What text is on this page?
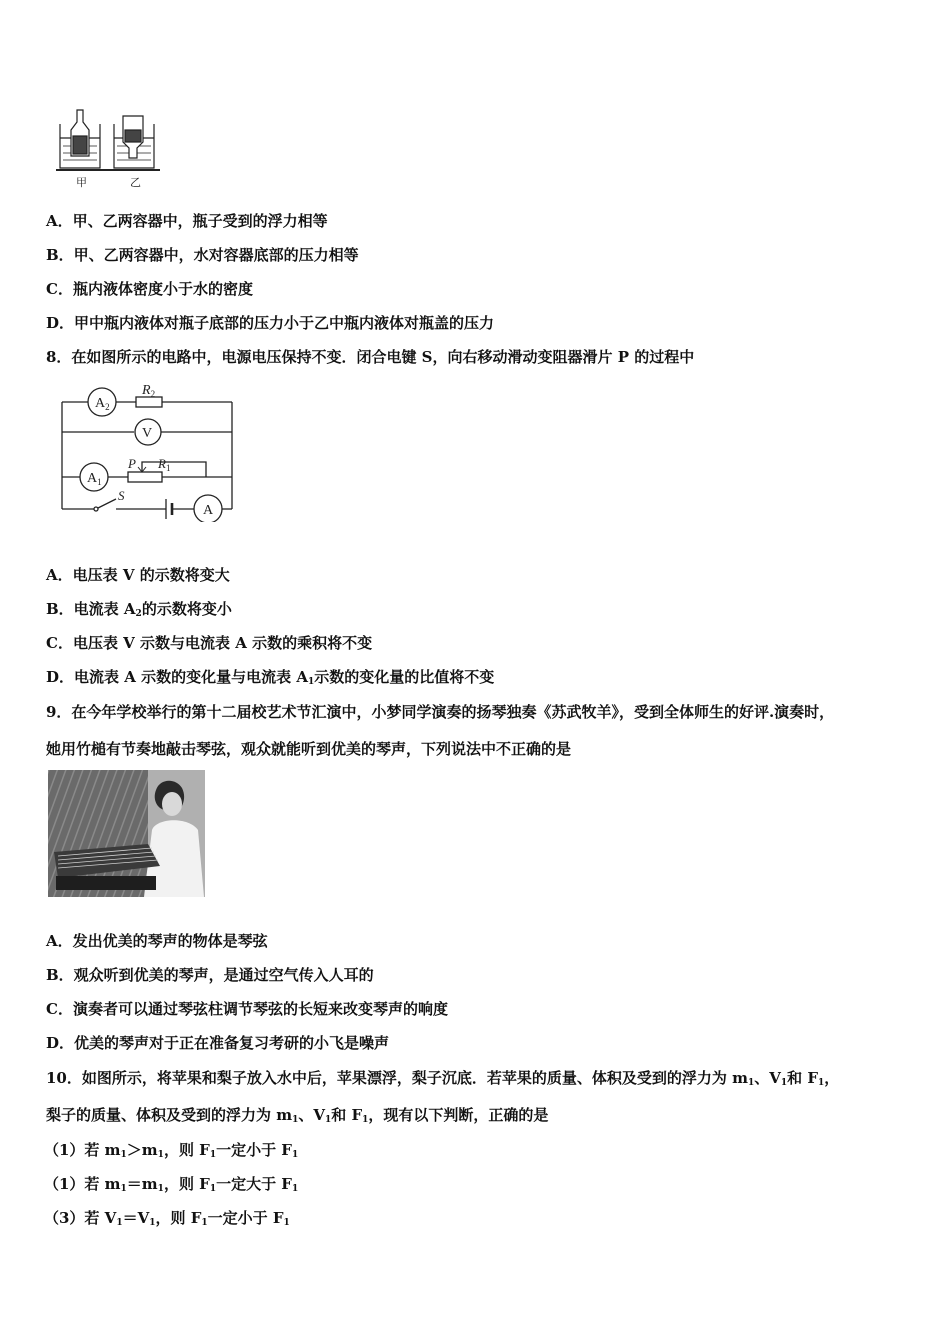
甲	乙
A．甲、乙两容器中，瓶子受到的浮力相等
B．甲、乙两容器中，水对容器底部的压力相等
C．瓶内液体密度小于水的密度
D．甲中瓶内液体对瓶子底部的压力小于乙中瓶内液体对瓶盖的压力
8．在如图所示的电路中，电源电压保持不变．闭合电键 S，向右移动滑动变阻器滑片 P 的过程中
$A_2$
$R_2$
V
$A_1$
P $R_1$
S
A
A．电压表 V 的示数将变大
B．电流表 $A_2$的示数将变小
C．电压表 V 示数与电流表 A 示数的乘积将不变
D．电流表 A 示数的变化量与电流表 $A_1$示数的变化量的比值将不变
9．在今年学校举行的第十二届校艺术节汇演中，小梦同学演奏的扬琴独奏《苏武牧羊》，受到全体师生的好评.演奏时，
她用竹槌有节奏地敲击琴弦，观众就能听到优美的琴声，下列说法中不正确的是
A．发出优美的琴声的物体是琴弦
B．观众听到优美的琴声，是通过空气传入人耳的
C．演奏者可以通过琴弦柱调节琴弦的长短来改变琴声的响度
D．优美的琴声对于正在准备复习考研的小飞是噪声
10．如图所示，将苹果和梨子放入水中后，苹果漂浮，梨子沉底．若苹果的质量、体积及受到的浮力为 $m_1$、$V_1$和 $F_1$，
梨子的质量、体积及受到的浮力为 $m_1$、$V_1$和 $F_1$，现有以下判断，正确的是
（1）若 $m_1>m_1$，则 $F_1$一定小于 $F_1$
（1）若 $m_1=m_1$，则 $F_1$一定大于 $F_1$
（3）若 $V_1=V_1$，则 $F_1$一定小于 $F_1$
